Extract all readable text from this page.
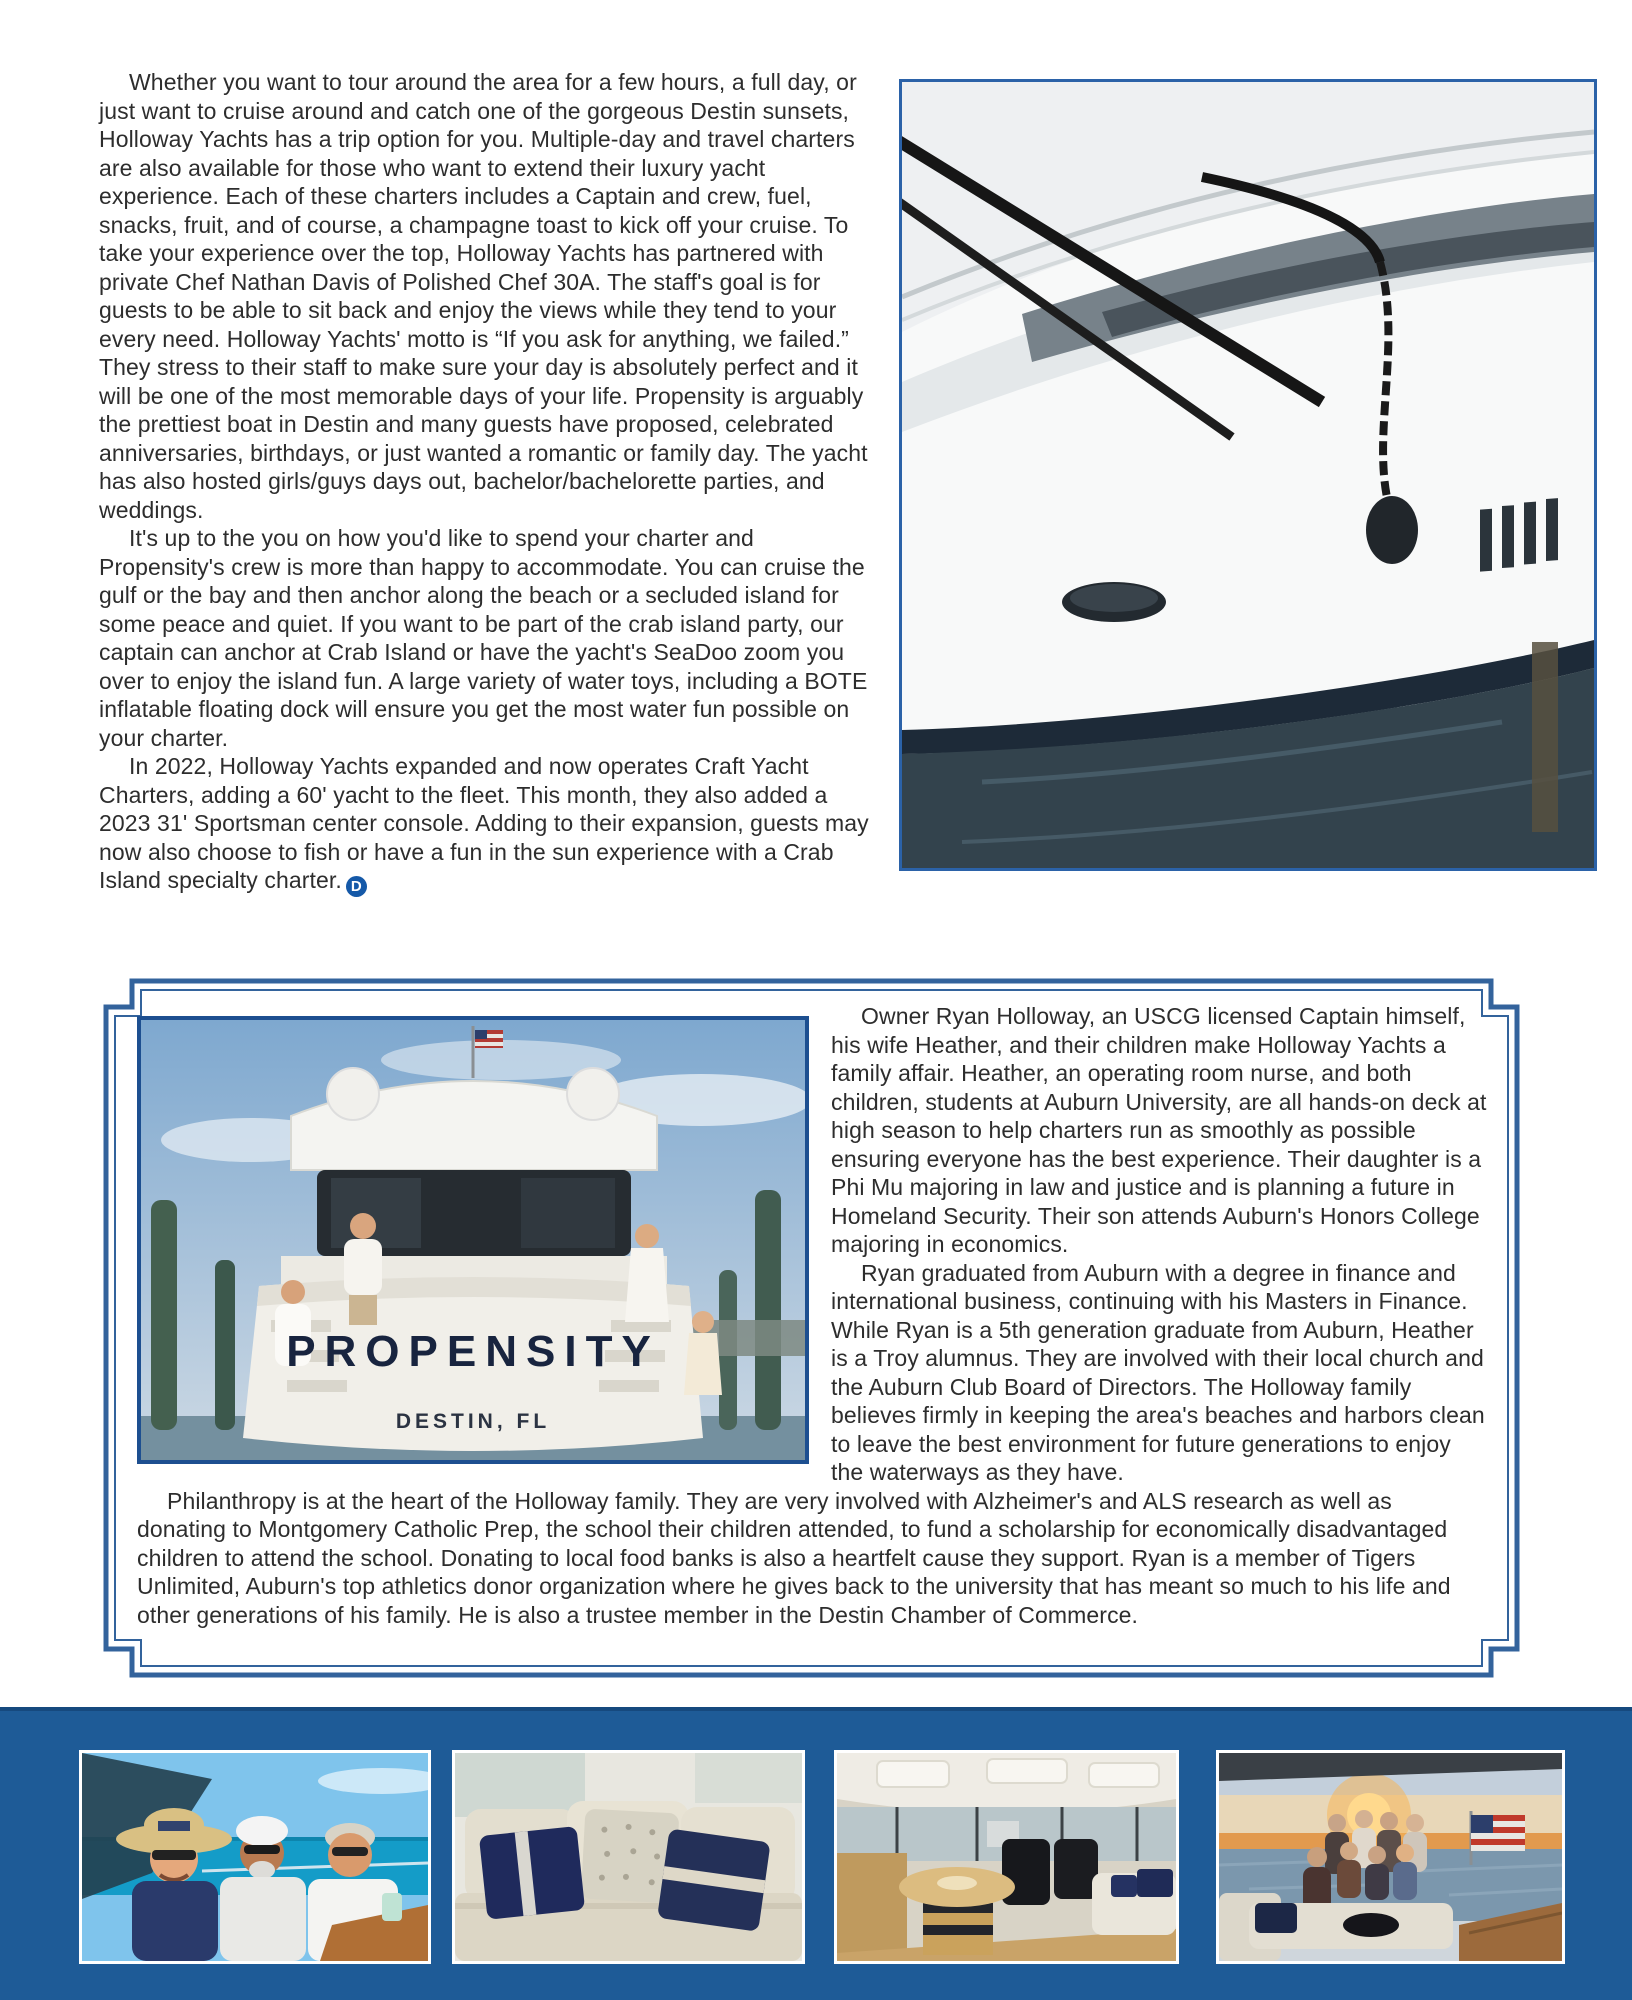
Whether you want to tour around the area for a few hours, a full day, or just want to cruise around and catch one of the gorgeous Destin sunsets, Holloway Yachts has a trip option for you. Multiple-day and travel charters are also available for those who want to extend their luxury yacht experience. Each of these charters includes a Captain and crew, fuel, snacks, fruit, and of course, a champagne toast to kick off your cruise. To take your experience over the top, Holloway Yachts has partnered with private Chef Nathan Davis of Polished Chef 30A. The staff's goal is for guests to be able to sit back and enjoy the views while they tend to your every need. Holloway Yachts' motto is “If you ask for anything, we failed.” They stress to their staff to make sure your day is absolutely perfect and it will be one of the most memorable days of your life. Propensity is arguably the prettiest boat in Destin and many guests have proposed, celebrated anniversaries, birthdays, or just wanted a romantic or family day. The yacht has also hosted girls/guys days out, bachelor/bachelorette parties, and weddings.

It's up to the you on how you'd like to spend your charter and Propensity's crew is more than happy to accommodate. You can cruise the gulf or the bay and then anchor along the beach or a secluded island for some peace and quiet. If you want to be part of the crab island party, our captain can anchor at Crab Island or have the yacht's SeaDoo zoom you over to enjoy the island fun. A large variety of water toys, including a BOTE inflatable floating dock will ensure you get the most water fun possible on your charter.

In 2022, Holloway Yachts expanded and now operates Craft Yacht Charters, adding a 60' yacht to the fleet. This month, they also added a 2023 31' Sportsman center console. Adding to their expansion, guests may now also choose to fish or have a fun in the sun experience with a Crab Island specialty charter. D

PROPENSITY
DESTIN, FL

Owner Ryan Holloway, an USCG licensed Captain himself, his wife Heather, and their children make Holloway Yachts a family affair. Heather, an operating room nurse, and both children, students at Auburn University, are all hands-on deck at high season to help charters run as smoothly as possible ensuring everyone has the best experience. Their daughter is a Phi Mu majoring in law and justice and is planning a future in Homeland Security. Their son attends Auburn's Honors College majoring in economics.

Ryan graduated from Auburn with a degree in finance and international business, continuing with his Masters in Finance. While Ryan is a 5th generation graduate from Auburn, Heather is a Troy alumnus. They are involved with their local church and the Auburn Club Board of Directors. The Holloway family believes firmly in keeping the area's beaches and harbors clean to leave the best environment for future generations to enjoy the waterways as they have.

Philanthropy is at the heart of the Holloway family. They are very involved with Alzheimer's and ALS research as well as donating to Montgomery Catholic Prep, the school their children attended, to fund a scholarship for economically disadvantaged children to attend the school. Donating to local food banks is also a heartfelt cause they support. Ryan is a member of Tigers Unlimited, Auburn's top athletics donor organization where he gives back to the university that has meant so much to his life and other generations of his family. He is also a trustee member in the Destin Chamber of Commerce.
